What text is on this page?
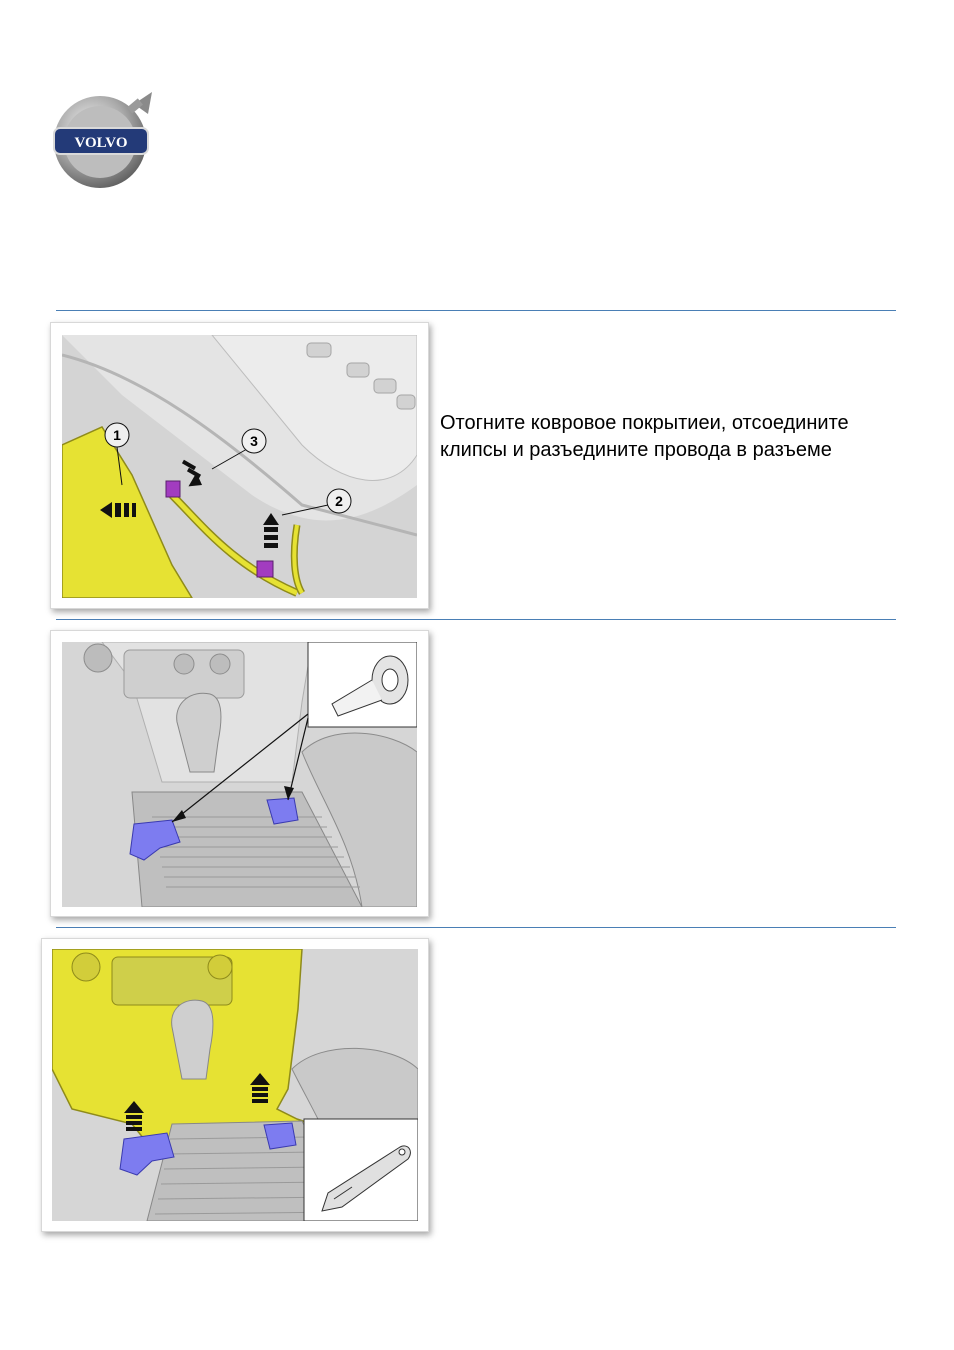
VOLVO
1	3
2
Отогните ковровое покрытиеи, отсоедините клипсы и разъедините провода в разъеме
